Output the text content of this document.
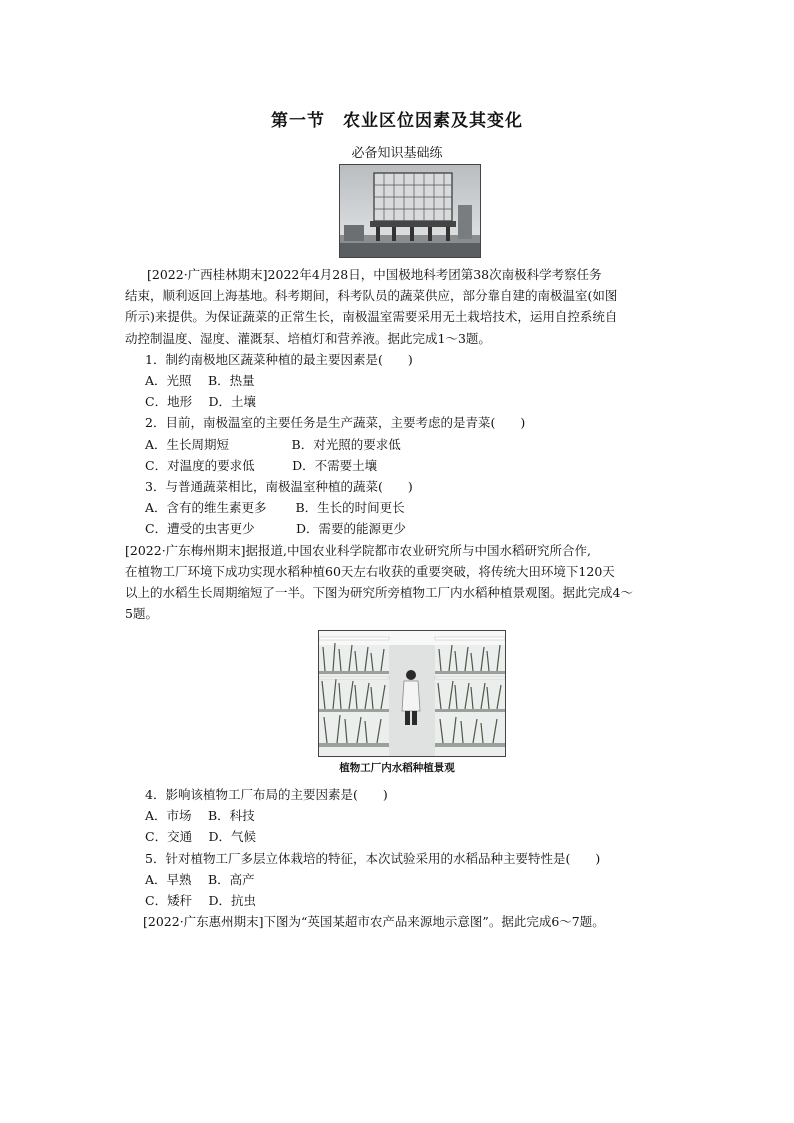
第一节　农业区位因素及其变化
必备知识基础练

[2022·广西桂林期末]2022年4月28日，中国极地科考团第38次南极科学考察任务

结束，顺利返回上海基地。科考期间，科考队员的蔬菜供应，部分靠自建的南极温室(如图

所示)来提供。为保证蔬菜的正常生长，南极温室需要采用无土栽培技术，运用自控系统自

动控制温度、湿度、灌溉泵、培植灯和营养液。据此完成1～3题。

1．制约南极地区蔬菜种植的最主要因素是(　　)

A．光照　 B．热量

C．地形　 D．土壤

2．目前，南极温室的主要任务是生产蔬菜，主要考虑的是青菜(　　)

A．生长周期短　　　　　B．对光照的要求低

C．对温度的要求低　　　D．不需要土壤

3．与普通蔬菜相比，南极温室种植的蔬菜(　　)

A．含有的维生素更多　　 B．生长的时间更长

C．遭受的虫害更少　　　 D．需要的能源更少

[2022·广东梅州期末]据报道,中国农业科学院都市农业研究所与中国水稻研究所合作,

在植物工厂环境下成功实现水稻种植60天左右收获的重要突破，将传统大田环境下120天

以上的水稻生长周期缩短了一半。下图为研究所旁植物工厂内水稻种植景观图。据此完成4～

5题。

植物工厂内水稻种植景观

4．影响该植物工厂布局的主要因素是(　　)

A．市场　 B．科技

C．交通　 D．气候

5．针对植物工厂多层立体栽培的特征，本次试验采用的水稻品种主要特性是(　　)

A．早熟　 B．高产

C．矮秆　 D．抗虫

[2022·广东惠州期末]下图为“英国某超市农产品来源地示意图”。据此完成6～7题。
